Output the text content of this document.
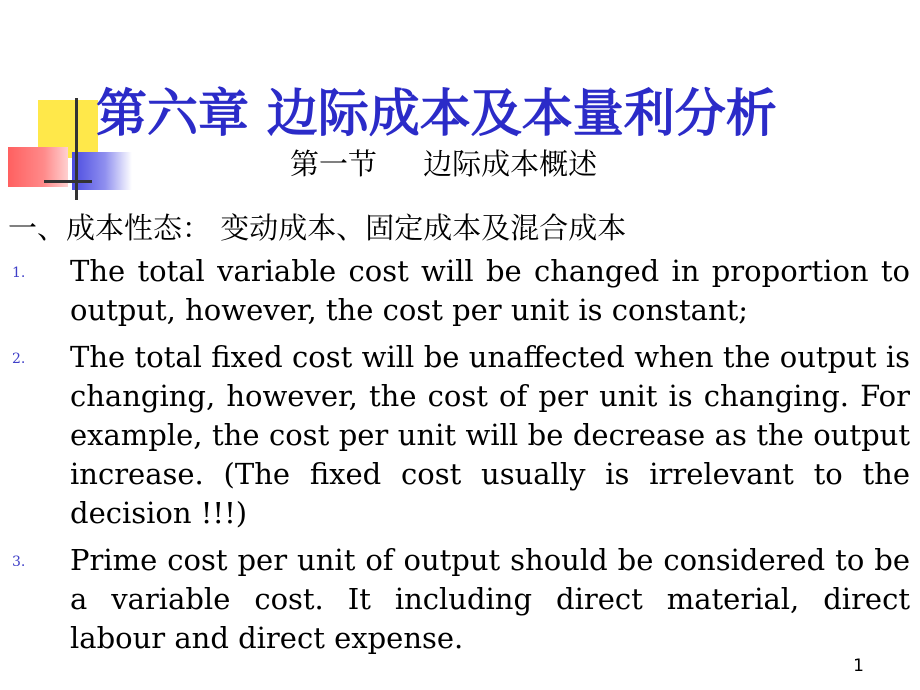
第六章 边际成本及本量利分析
第一节     边际成本概述
一、成本性态： 变动成本、固定成本及混合成本
1. The total variable cost will be changed in proportion to output, however, the cost per unit is constant;
2. The total fixed cost will be unaffected when the output is changing, however, the cost of per unit is changing. For example, the cost per unit will be decrease as the output increase. (The fixed cost usually is irrelevant to the decision !!!)
3. Prime cost per unit of output should be considered to be a variable cost. It including direct material, direct labour and direct expense.
1
